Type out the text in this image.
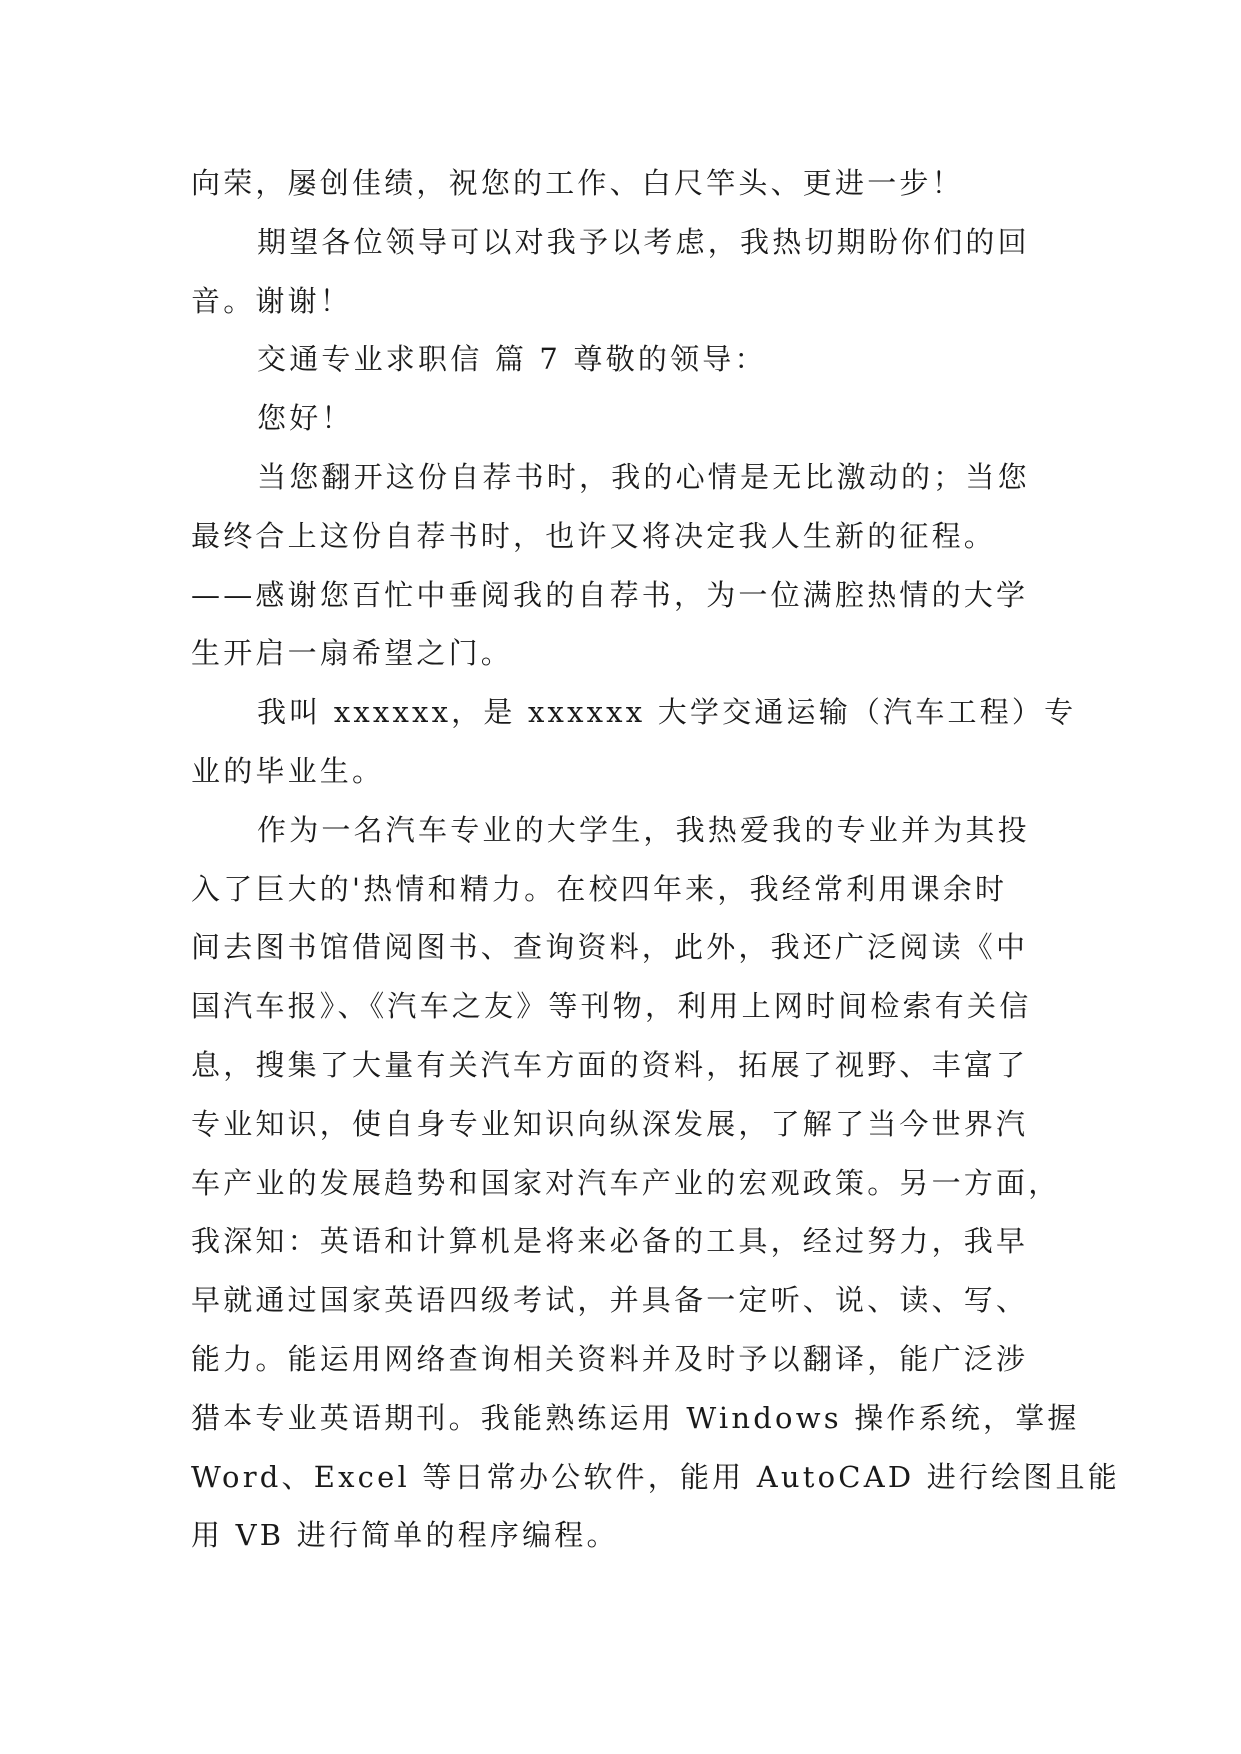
向荣，屡创佳绩，祝您的工作、白尺竿头、更进一步！
期望各位领导可以对我予以考虑，我热切期盼你们的回
音。谢谢！
交通专业求职信 篇 7 尊敬的领导：
您好！
当您翻开这份自荐书时，我的心情是无比激动的；当您
最终合上这份自荐书时，也许又将决定我人生新的征程。
——感谢您百忙中垂阅我的自荐书，为一位满腔热情的大学
生开启一扇希望之门。
我叫 xxxxxx，是 xxxxxx 大学交通运输（汽车工程）专
业的毕业生。
作为一名汽车专业的大学生，我热爱我的专业并为其投
入了巨大的'热情和精力。在校四年来，我经常利用课余时
间去图书馆借阅图书、查询资料，此外，我还广泛阅读《中
国汽车报》、《汽车之友》等刊物，利用上网时间检索有关信
息，搜集了大量有关汽车方面的资料，拓展了视野、丰富了
专业知识，使自身专业知识向纵深发展，了解了当今世界汽
车产业的发展趋势和国家对汽车产业的宏观政策。另一方面，
我深知：英语和计算机是将来必备的工具，经过努力，我早
早就通过国家英语四级考试，并具备一定听、说、读、写、
能力。能运用网络查询相关资料并及时予以翻译，能广泛涉
猎本专业英语期刊。我能熟练运用 Windows 操作系统，掌握
Word、Excel 等日常办公软件，能用 AutoCAD 进行绘图且能
用 VB 进行简单的程序编程。
